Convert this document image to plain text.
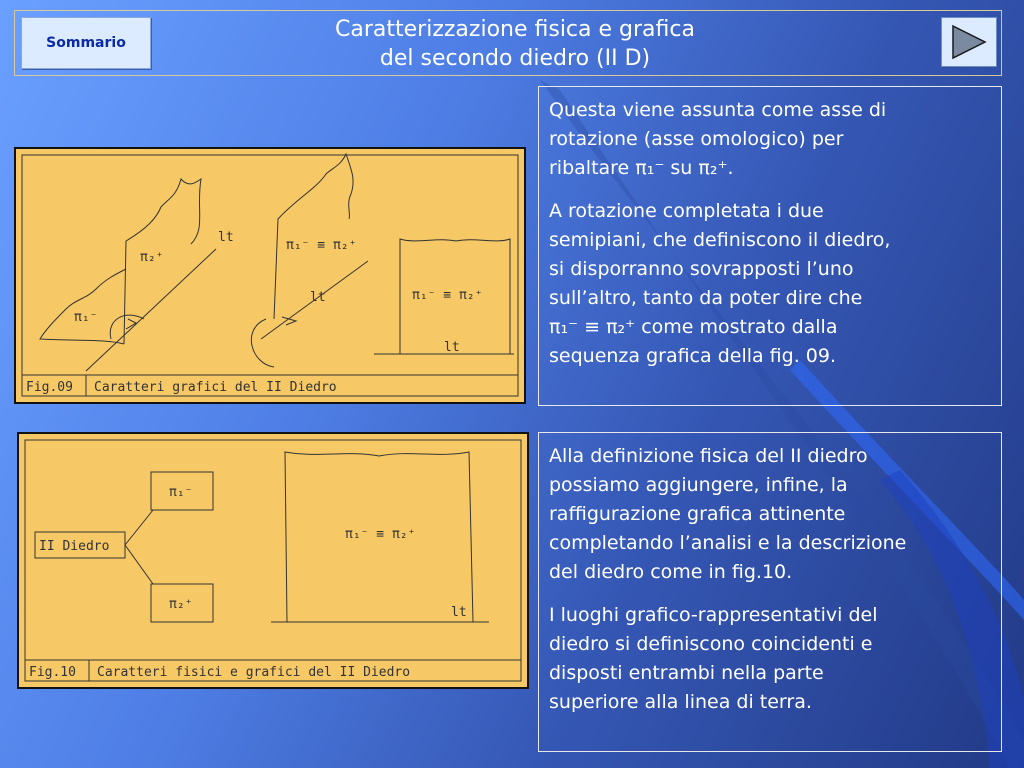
Sommario
Caratterizzazione fisica e grafica
del secondo diedro (II D)

Questa viene assunta come asse di
rotazione (asse omologico) per
ribaltare π₁⁻ su π₂⁺.

A rotazione completata i due
semipiani, che definiscono il diedro,
si disporranno sovrapposti l’uno
sull’altro, tanto da poter dire che
π₁⁻ ≡ π₂⁺ come mostrato dalla
sequenza grafica della fig. 09.

Alla definizione fisica del II diedro
possiamo aggiungere, infine, la
raffigurazione grafica attinente
completando l’analisi e la descrizione
del diedro come in fig.10.

I luoghi grafico-rappresentativi del
diedro si definiscono coincidenti e
disposti entrambi nella parte
superiore alla linea di terra.

Fig.09 Caratteri grafici del II Diedro
lt
π₂⁺
π₁⁻
π₁⁻ ≡ π₂⁺
lt	π₁⁻ ≡ π₂⁺
lt
Fig.10 Caratteri fisici e grafici del II Diedro
II Diedro
π₁⁻
π₂⁺
π₁⁻ ≡ π₂⁺
lt
